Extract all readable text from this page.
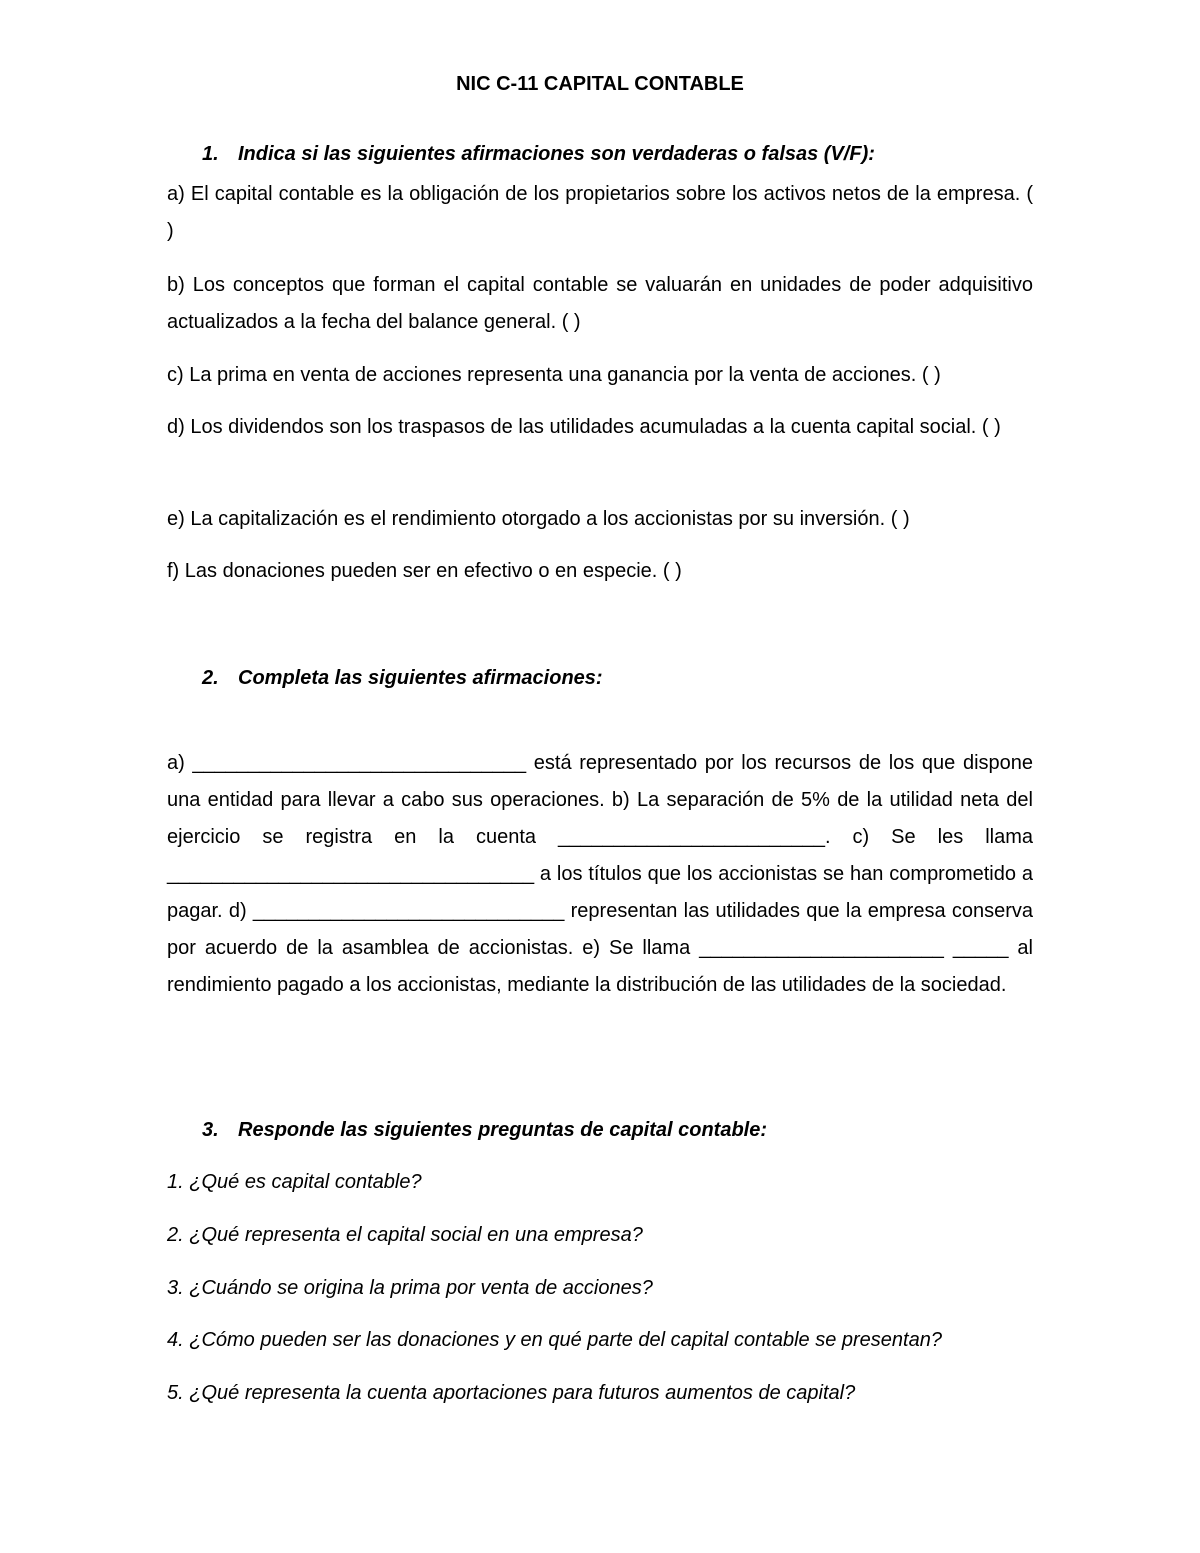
NIC C-11 CAPITAL CONTABLE
1. Indica si las siguientes afirmaciones son verdaderas o falsas (V/F):
a) El capital contable es la obligación de los propietarios sobre los activos netos de la empresa. ( )
b) Los conceptos que forman el capital contable se valuarán en unidades de poder adquisitivo actualizados a la fecha del balance general. ( )
c) La prima en venta de acciones representa una ganancia por la venta de acciones. ( )
d) Los dividendos son los traspasos de las utilidades acumuladas a la cuenta capital social. ( )
e) La capitalización es el rendimiento otorgado a los accionistas por su inversión. ( )
f) Las donaciones pueden ser en efectivo o en especie. ( )
2. Completa las siguientes afirmaciones:
a) ______________________________ está representado por los recursos de los que dispone una entidad para llevar a cabo sus operaciones. b) La separación de 5% de la utilidad neta del ejercicio se registra en la cuenta ________________________. c) Se les llama _________________________________ a los títulos que los accionistas se han comprometido a pagar. d) ____________________________ representan las utilidades que la empresa conserva por acuerdo de la asamblea de accionistas. e) Se llama ______________________ _____ al rendimiento pagado a los accionistas, mediante la distribución de las utilidades de la sociedad.
3. Responde las siguientes preguntas de capital contable:
1. ¿Qué es capital contable?
2. ¿Qué representa el capital social en una empresa?
3. ¿Cuándo se origina la prima por venta de acciones?
4. ¿Cómo pueden ser las donaciones y en qué parte del capital contable se presentan?
5. ¿Qué representa la cuenta aportaciones para futuros aumentos de capital?
